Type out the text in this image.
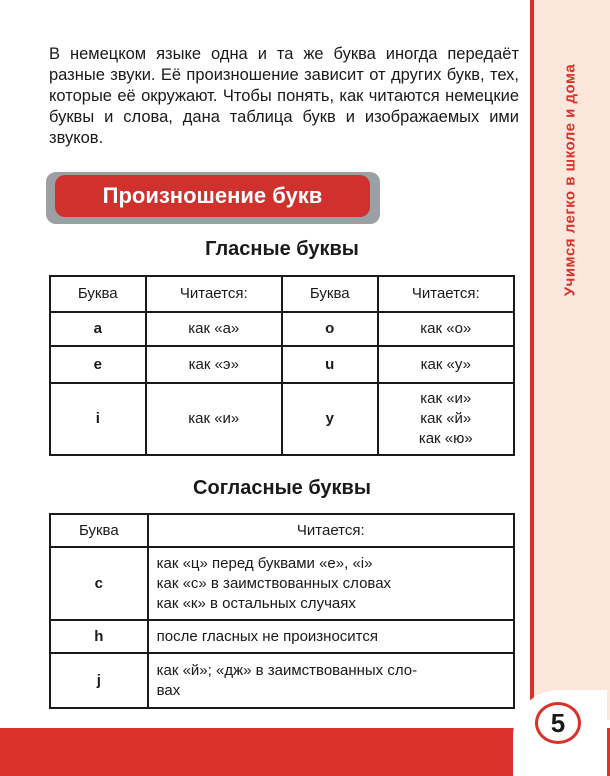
Учимся легко в школе и дома
5

В немецком языке одна и та же буква иногда передаёт разные звуки. Её произношение зависит от других букв, тех, которые её окружают. Чтобы понять, как читаются немецкие буквы и слова, дана таблица букв и изображаемых ими звуков.

Произношение букв
Гласные буквы
Буква	Читается:	Буква	Читается:
a	как «а»	o	как «о»
e	как «э»	u	как «у»
i	как «и»	y	как «и»
как «й»
как «ю»
Согласные буквы
Буква	Читается:
c	как «ц» перед буквами «e», «i»
как «с» в заимствованных словах
как «к» в остальных случаях

h	после гласных не произносится
j	как «й»; «дж» в заимствованных сло-
вах
